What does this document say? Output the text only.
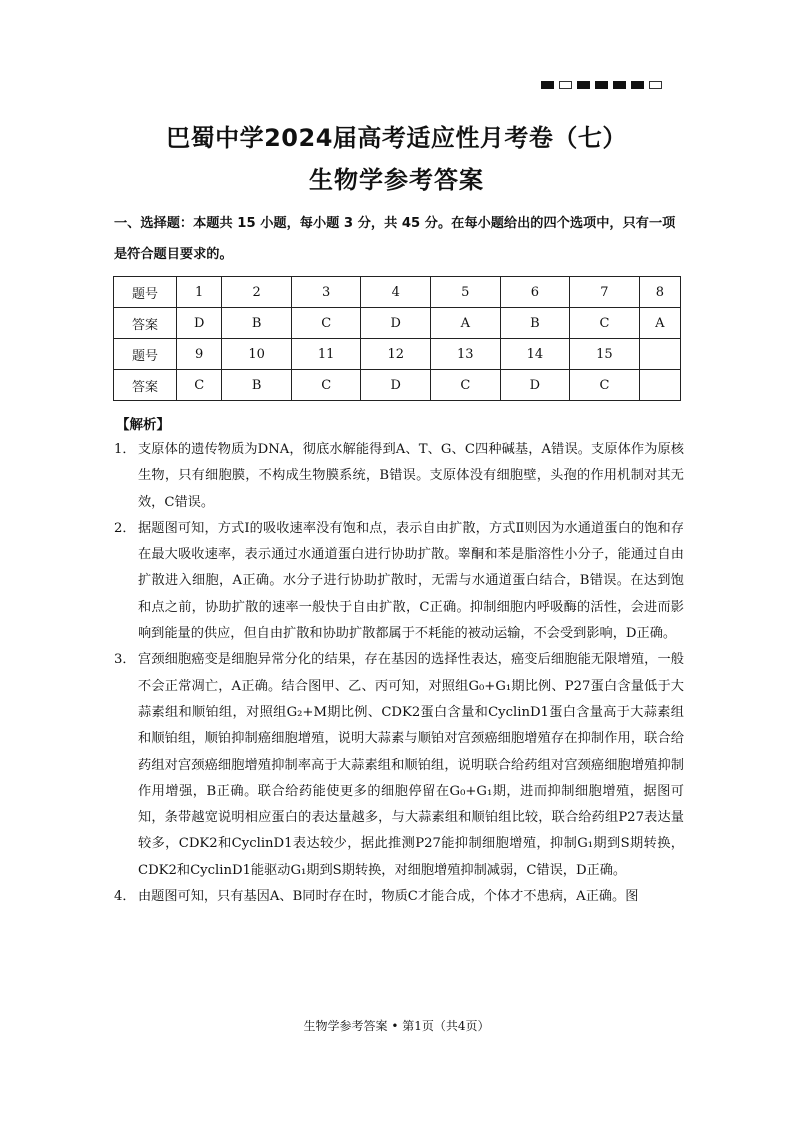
巴蜀中学2024届高考适应性月考卷（七）
生物学参考答案
一、选择题：本题共 15 小题，每小题 3 分，共 45 分。在每小题给出的四个选项中，只有一项是符合题目要求的。
题号	1	2	3	4	5	6	7	8
答案	D	B	C	D	A	B	C	A
题号	9	10	11	12	13	14	15	
答案	C	B	C	D	C	D	C	
【解析】

1． 支原体的遗传物质为DNA，彻底水解能得到A、T、G、C四种碱基，A错误。支原体作为原核生物，只有细胞膜，不构成生物膜系统，B错误。支原体没有细胞壁，头孢的作用机制对其无效，C错误。

2． 据题图可知，方式Ⅰ的吸收速率没有饱和点，表示自由扩散，方式Ⅱ则因为水通道蛋白的饱和存在最大吸收速率，表示通过水通道蛋白进行协助扩散。睾酮和苯是脂溶性小分子，能通过自由扩散进入细胞，A正确。水分子进行协助扩散时，无需与水通道蛋白结合，B错误。在达到饱和点之前，协助扩散的速率一般快于自由扩散，C正确。抑制细胞内呼吸酶的活性，会进而影响到能量的供应，但自由扩散和协助扩散都属于不耗能的被动运输，不会受到影响，D正确。

3． 宫颈细胞癌变是细胞异常分化的结果，存在基因的选择性表达，癌变后细胞能无限增殖，一般不会正常凋亡，A正确。结合图甲、乙、丙可知，对照组G₀+G₁期比例、P27蛋白含量低于大蒜素组和顺铂组，对照组G₂+M期比例、CDK2蛋白含量和CyclinD1蛋白含量高于大蒜素组和顺铂组，顺铂抑制癌细胞增殖，说明大蒜素与顺铂对宫颈癌细胞增殖存在抑制作用，联合给药组对宫颈癌细胞增殖抑制率高于大蒜素组和顺铂组，说明联合给药组对宫颈癌细胞增殖抑制作用增强，B正确。联合给药能使更多的细胞停留在G₀+G₁期，进而抑制细胞增殖，据图可知，条带越宽说明相应蛋白的表达量越多，与大蒜素组和顺铂组比较，联合给药组P27表达量较多，CDK2和CyclinD1表达较少，据此推测P27能抑制细胞增殖，抑制G₁期到S期转换，CDK2和CyclinD1能驱动G₁期到S期转换，对细胞增殖抑制减弱，C错误，D正确。

4． 由题图可知，只有基因A、B同时存在时，物质C才能合成，个体才不患病，A正确。图

生物学参考答案 • 第1页（共4页）
